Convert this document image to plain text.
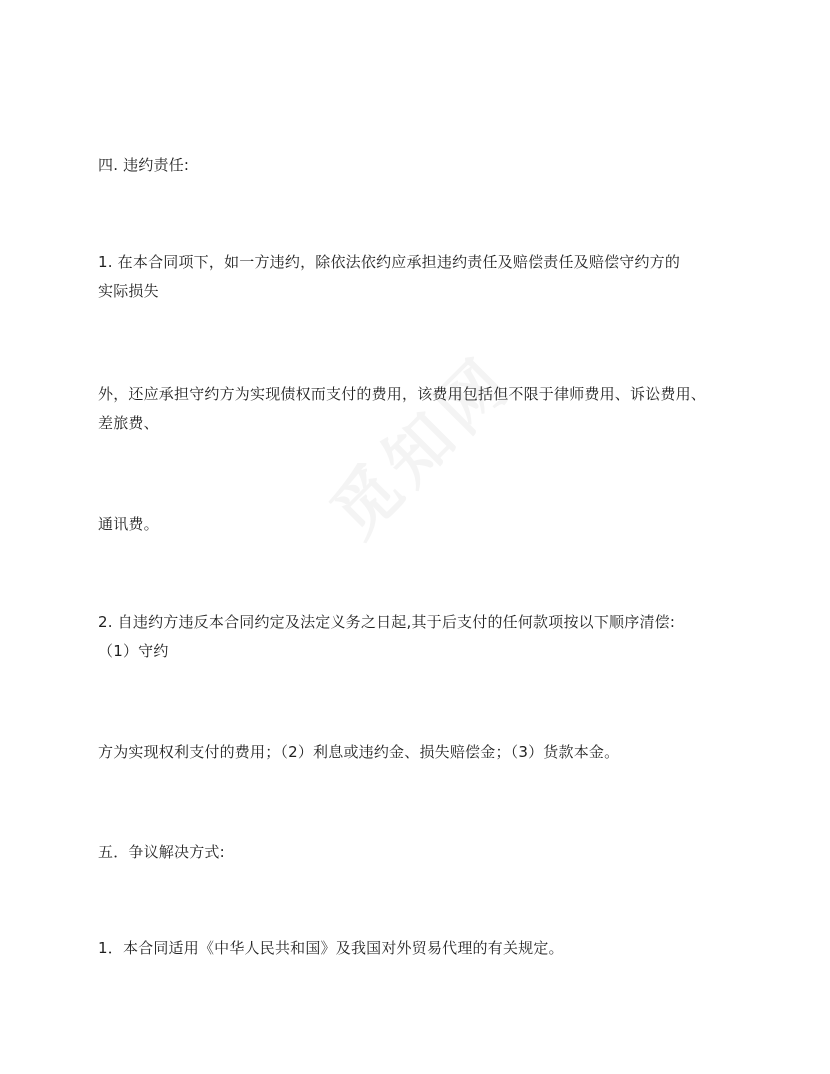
四. 违约责任:
1. 在本合同项下，如一方违约，除依法依约应承担违约责任及赔偿责任及赔偿守约方的
实际损失
外，还应承担守约方为实现债权而支付的费用，该费用包括但不限于律师费用、诉讼费用、
差旅费、
通讯费。
2. 自违约方违反本合同约定及法定义务之日起,其于后支付的任何款项按以下顺序清偿:
（1）守约
方为实现权利支付的费用；（2）利息或违约金、损失赔偿金；（3）货款本金。
五．争议解决方式:
1．本合同适用《中华人民共和国》及我国对外贸易代理的有关规定。
